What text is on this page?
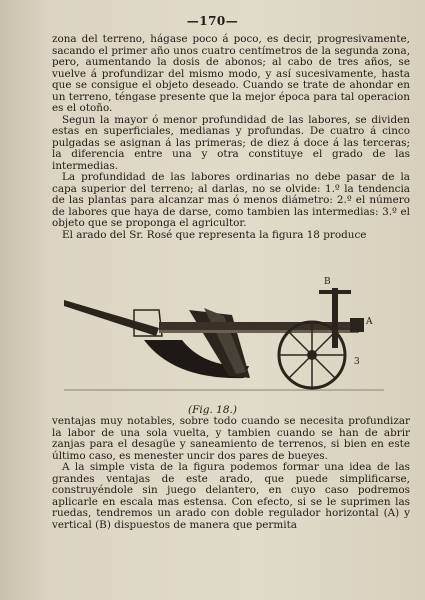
—170—

zona del terreno, hágase poco á poco, es decir, progresivamente, sacando el primer año unos cuatro centímetros de la segunda zona, pero, aumentando la dosis de abonos; al cabo de tres años, se vuelve á profundizar del mismo modo, y así sucesivamente, hasta que se consigue el objeto deseado. Cuando se trate de ahondar en un terreno, téngase presente que la mejor época para tal operacion es el otoño.

Segun la mayor ó menor profundidad de las labores, se dividen estas en superficiales, medianas y profundas. De cuatro á cinco pulgadas se asignan á las primeras; de diez á doce á las terceras; la diferencia entre una y otra constituye el grado de las intermedias.

La profundidad de las labores ordinarias no debe pasar de la capa superior del terreno; al darlas, no se olvide: 1.º la tendencia de las plantas para alcanzar mas ó menos diámetro: 2.º el número de labores que haya de darse, como tambien las intermedias: 3.º el objeto que se proponga el agricultor.

El arado del Sr. Rosé que representa la figura 18 produce

B
A
3
(Fig. 18.)

ventajas muy notables, sobre todo cuando se necesita profundizar la labor de una sola vuelta, y tambien cuando se han de abrir zanjas para el desagüe y saneamiento de terrenos, si bien en este último caso, es menester uncir dos pares de bueyes.

A la simple vista de la figura podemos formar una idea de las grandes ventajas de este arado, que puede simplificarse, construyéndole sin juego delantero, en cuyo caso podremos aplicarle en escala mas estensa. Con efecto, si se le suprimen las ruedas, tendremos un arado con doble regulador horizontal (A) y vertical (B) dispuestos de manera que permita
